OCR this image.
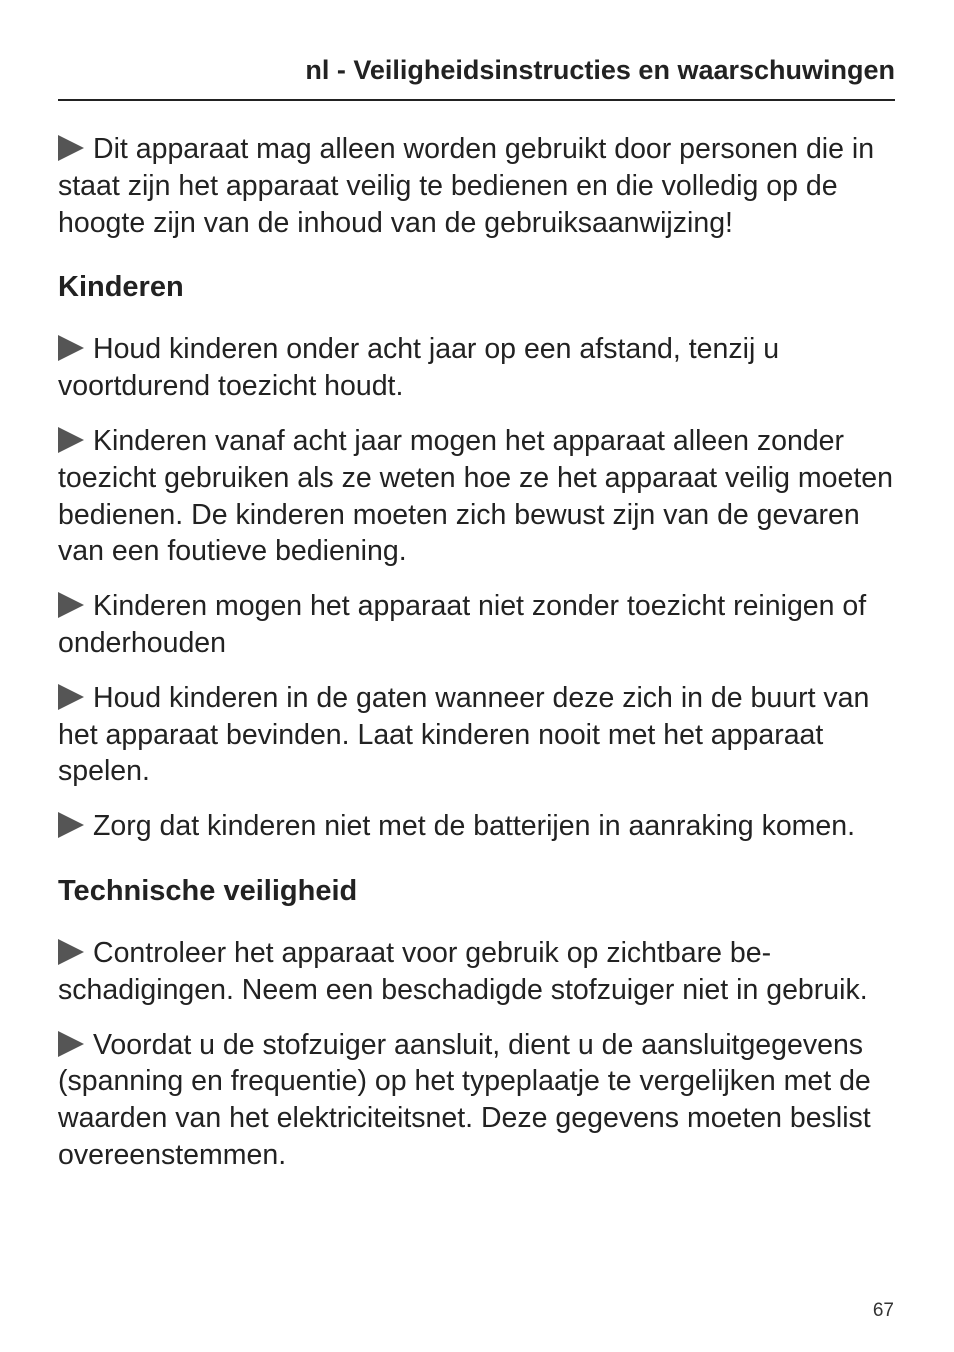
nl - Veiligheidsinstructies en waarschuwingen

Dit apparaat mag alleen worden gebruikt door personen die in staat zijn het apparaat veilig te bedienen en die volledig op de hoogte zijn van de inhoud van de gebruiksaanwijzing!

Kinderen

Houd kinderen onder acht jaar op een afstand, tenzij u voortdurend toezicht houdt.

Kinderen vanaf acht jaar mogen het apparaat alleen zonder toezicht gebruiken als ze weten hoe ze het apparaat veilig moeten bedienen. De kinderen moeten zich bewust zijn van de gevaren van een foutieve bediening.

Kinderen mogen het apparaat niet zonder toezicht reinigen of onderhouden

Houd kinderen in de gaten wanneer deze zich in de buurt van het apparaat bevinden. Laat kinderen nooit met het apparaat spelen.

Zorg dat kinderen niet met de batterijen in aanraking komen.

Technische veiligheid

Controleer het apparaat voor gebruik op zichtbare beschadigingen. Neem een beschadigde stofzuiger niet in gebruik.

Voordat u de stofzuiger aansluit, dient u de aansluitgegevens (spanning en frequentie) op het typeplaatje te vergelijken met de waarden van het elektriciteitsnet. Deze gegevens moeten beslist overeenstemmen.

67
